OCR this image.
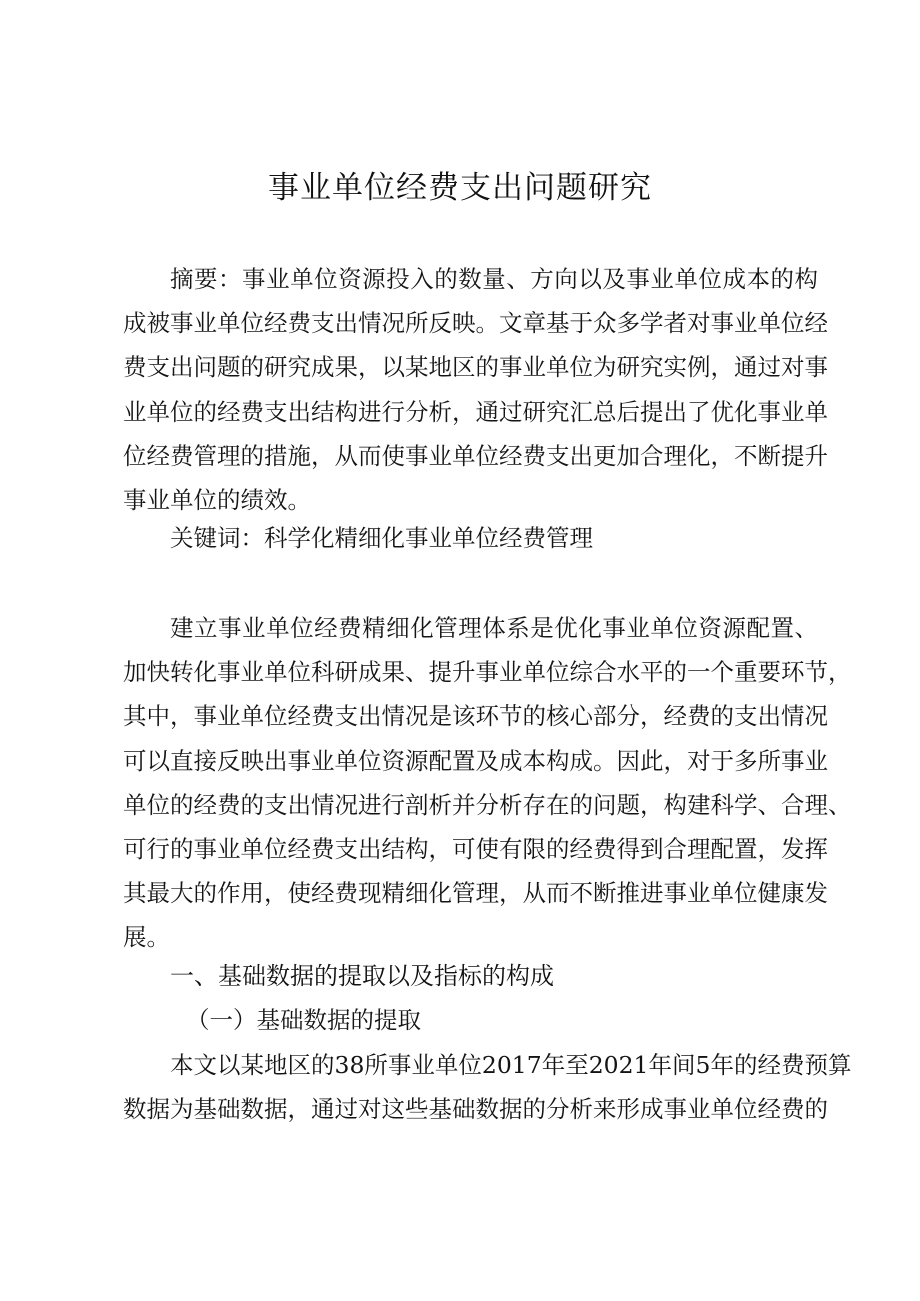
事业单位经费支出问题研究
摘要：事业单位资源投入的数量、方向以及事业单位成本的构
成被事业单位经费支出情况所反映。文章基于众多学者对事业单位经
费支出问题的研究成果，以某地区的事业单位为研究实例，通过对事
业单位的经费支出结构进行分析，通过研究汇总后提出了优化事业单
位经费管理的措施，从而使事业单位经费支出更加合理化，不断提升
事业单位的绩效。
关键词：科学化精细化事业单位经费管理
建立事业单位经费精细化管理体系是优化事业单位资源配置、
加快转化事业单位科研成果、提升事业单位综合水平的一个重要环节，
其中，事业单位经费支出情况是该环节的核心部分，经费的支出情况
可以直接反映出事业单位资源配置及成本构成。因此，对于多所事业
单位的经费的支出情况进行剖析并分析存在的问题，构建科学、合理、
可行的事业单位经费支出结构，可使有限的经费得到合理配置，发挥
其最大的作用，使经费现精细化管理，从而不断推进事业单位健康发
展。
一、基础数据的提取以及指标的构成
（一）基础数据的提取
本文以某地区的38所事业单位2017年至2021年间5年的经费预算
数据为基础数据，通过对这些基础数据的分析来形成事业单位经费的
